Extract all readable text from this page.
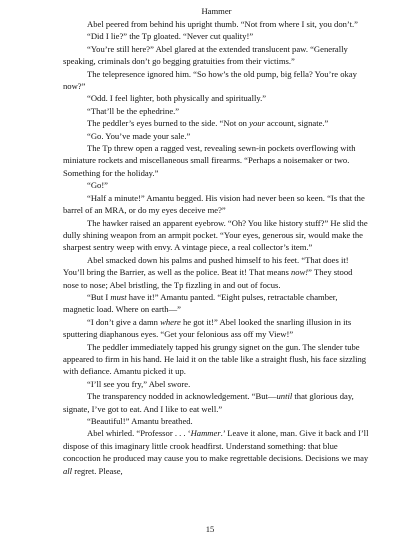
Hammer

Abel peered from behind his upright thumb. “Not from where I sit, you don’t.”

“Did I lie?” the Tp gloated. “Never cut quality!”

“You’re still here?” Abel glared at the extended translucent paw. “Generally speaking, criminals don’t go begging gratuities from their victims.”

The telepresence ignored him. “So how’s the old pump, big fella? You’re okay now?”

“Odd. I feel lighter, both physically and spiritually.”

“That’ll be the ephedrine.”

The peddler’s eyes burned to the side. “Not on your account, signate.”

“Go. You’ve made your sale.”

The Tp threw open a ragged vest, revealing sewn-in pockets overflowing with miniature rockets and miscellaneous small firearms. “Perhaps a noisemaker or two. Something for the holiday.”

“Go!”

“Half a minute!” Amantu begged. His vision had never been so keen. “Is that the barrel of an MRA, or do my eyes deceive me?”

The hawker raised an apparent eyebrow. “Oh? You like history stuff?” He slid the dully shining weapon from an armpit pocket. “Your eyes, generous sir, would make the sharpest sentry weep with envy. A vintage piece, a real collector’s item.”

Abel smacked down his palms and pushed himself to his feet. “That does it! You’ll bring the Barrier, as well as the police. Beat it! That means now!” They stood nose to nose; Abel bristling, the Tp fizzling in and out of focus.

“But I must have it!” Amantu panted. “Eight pulses, retractable chamber, magnetic load. Where on earth—”

“I don’t give a damn where he got it!” Abel looked the snarling illusion in its sputtering diaphanous eyes. “Get your felonious ass off my View!”

The peddler immediately tapped his grungy signet on the gun. The slender tube appeared to firm in his hand. He laid it on the table like a straight flush, his face sizzling with defiance. Amantu picked it up.

“I’ll see you fry,” Abel swore.

The transparency nodded in acknowledgement. “But—until that glorious day, signate, I’ve got to eat. And I like to eat well.”

“Beautiful!” Amantu breathed.

Abel whirled. “Professor . . . ‘Hammer.’ Leave it alone, man. Give it back and I’ll dispose of this imaginary little crook headfirst. Understand something: that blue concoction he produced may cause you to make regrettable decisions. Decisions we may all regret. Please,

15
